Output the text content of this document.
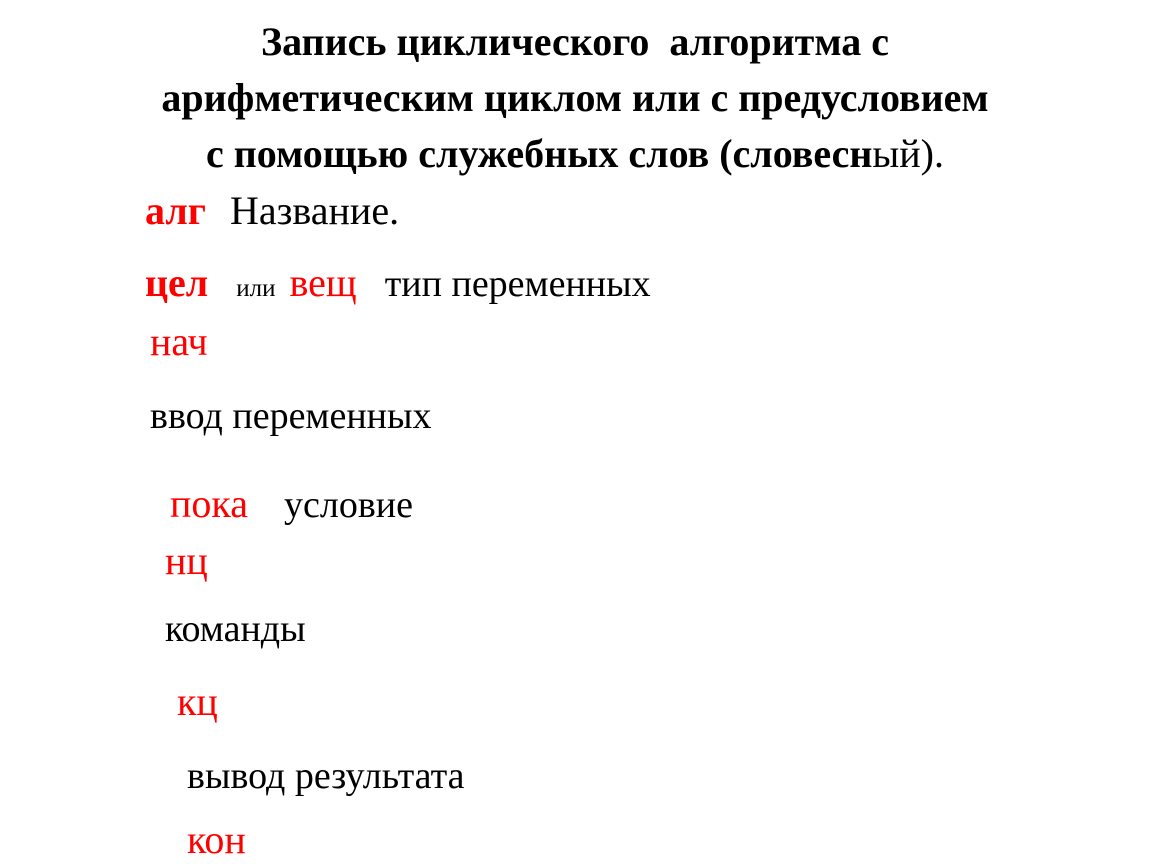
Запись циклического  алгоритма с
арифметическим циклом или с предусловием
с помощью служебных слов (словесный).

алг Название.

цел или вещ тип переменных

нач
ввод переменных

пока условие

нц
команды
кц
вывод результата
кон
